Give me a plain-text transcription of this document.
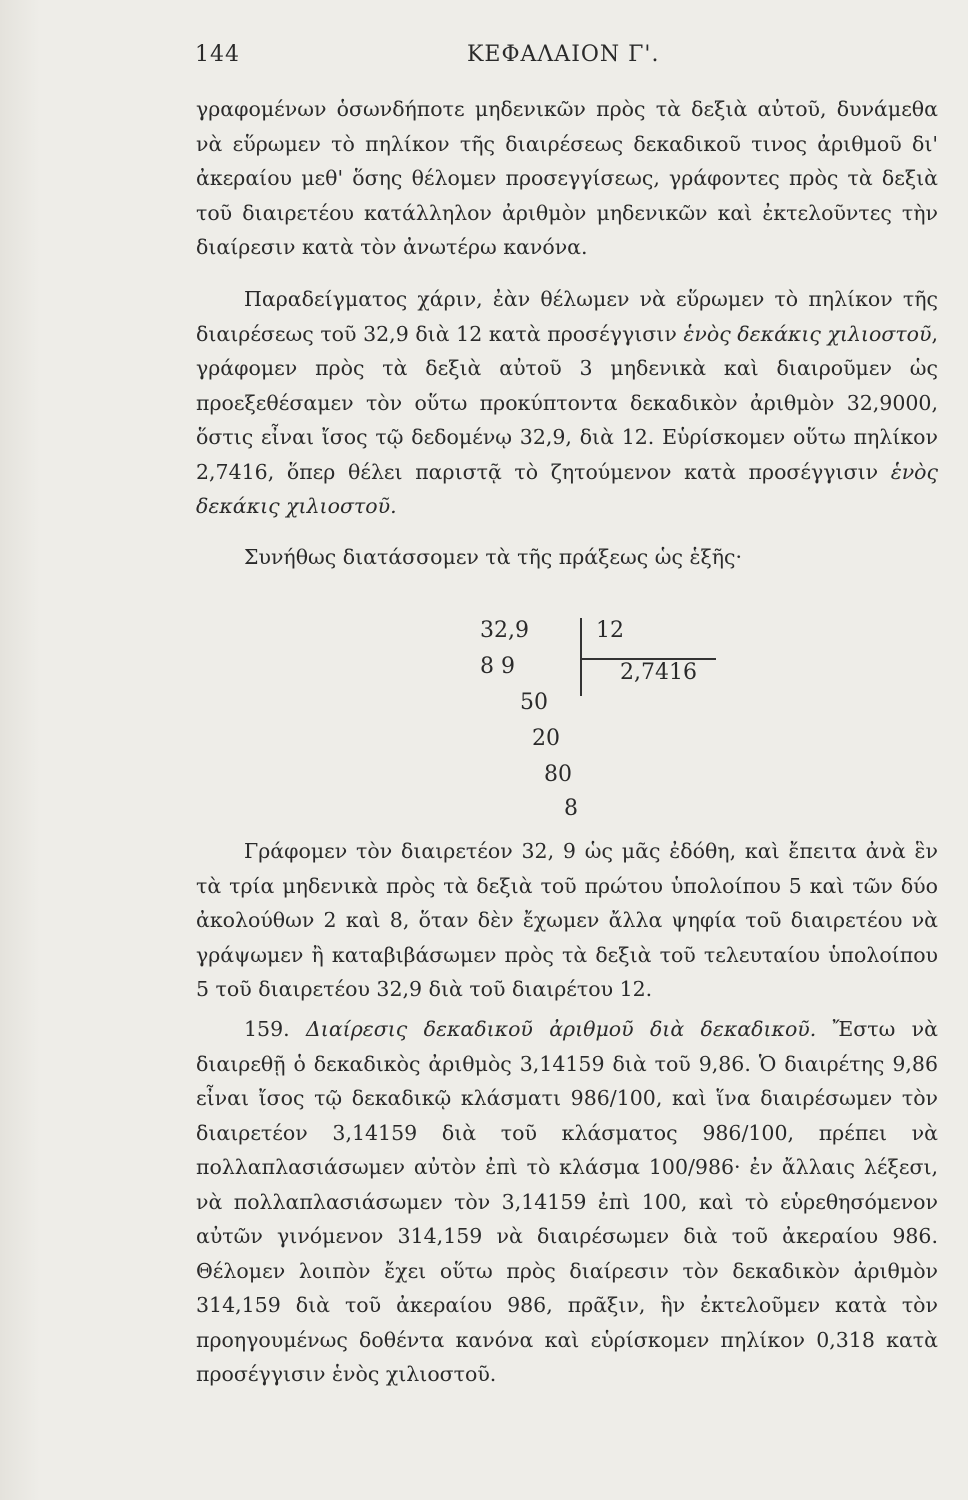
144	ΚΕΦΑΛΑΙΟΝ Γ'.

γραφομένων ὁσωνδήποτε μηδενικῶν πρὸς τὰ δεξιὰ αὐτοῦ, δυνάμεθα νὰ εὕρωμεν τὸ πηλίκον τῆς διαιρέσεως δεκαδικοῦ τινος ἀριθμοῦ δι' ἀκεραίου μεθ' ὅσης θέλομεν προσεγγίσεως, γράφοντες πρὸς τὰ δεξιὰ τοῦ διαιρετέου κατάλληλον ἀριθμὸν μηδενικῶν καὶ ἐκτελοῦντες τὴν διαίρεσιν κατὰ τὸν ἀνωτέρω κανόνα.

Παραδείγματος χάριν, ἐὰν θέλωμεν νὰ εὕρωμεν τὸ πηλίκον τῆς διαιρέσεως τοῦ 32,9 διὰ 12 κατὰ προσέγγισιν ἑνὸς δεκάκις χιλιοστοῦ, γράφομεν πρὸς τὰ δεξιὰ αὐτοῦ 3 μηδενικὰ καὶ διαιροῦμεν ὡς προεξεθέσαμεν τὸν οὕτω προκύπτοντα δεκαδικὸν ἀριθμὸν 32,9000, ὅστις εἶναι ἴσος τῷ δεδομένῳ 32,9, διὰ 12. Εὑρίσκομεν οὕτω πηλίκον 2,7416, ὅπερ θέλει παριστᾷ τὸ ζητούμενον κατὰ προσέγγισιν ἑνὸς δεκάκις χιλιοστοῦ.

Συνήθως διατάσσομεν τὰ τῆς πράξεως ὡς ἑξῆς·

32,9	12
2,7416
8 9
50
20
80
8

Γράφομεν τὸν διαιρετέον 32, 9 ὡς μᾶς ἐδόθη, καὶ ἔπειτα ἀνὰ ἓν τὰ τρία μηδενικὰ πρὸς τὰ δεξιὰ τοῦ πρώτου ὑπολοίπου 5 καὶ τῶν δύο ἀκολούθων 2 καὶ 8, ὅταν δὲν ἔχωμεν ἄλλα ψηφία τοῦ διαιρετέου νὰ γράψωμεν ἢ καταβιβάσωμεν πρὸς τὰ δεξιὰ τοῦ τελευταίου ὑπολοίπου 5 τοῦ διαιρετέου 32,9 διὰ τοῦ διαιρέτου 12.

159. Διαίρεσις δεκαδικοῦ ἀριθμοῦ διὰ δεκαδικοῦ. Ἔστω νὰ διαιρεθῇ ὁ δεκαδικὸς ἀριθμὸς 3,14159 διὰ τοῦ 9,86. Ὁ διαιρέτης 9,86 εἶναι ἴσος τῷ δεκαδικῷ κλάσματι 986/100, καὶ ἵνα διαιρέσωμεν τὸν διαιρετέον 3,14159 διὰ τοῦ κλάσματος 986/100, πρέπει νὰ πολλαπλασιάσωμεν αὐτὸν ἐπὶ τὸ κλάσμα 100/986· ἐν ἄλλαις λέξεσι, νὰ πολλαπλασιάσωμεν τὸν 3,14159 ἐπὶ 100, καὶ τὸ εὑρεθησόμενον αὐτῶν γινόμενον 314,159 νὰ διαιρέσωμεν διὰ τοῦ ἀκεραίου 986. Θέλομεν λοιπὸν ἔχει οὕτω πρὸς διαίρεσιν τὸν δεκαδικὸν ἀριθμὸν 314,159 διὰ τοῦ ἀκεραίου 986, πρᾶξιν, ἣν ἐκτελοῦμεν κατὰ τὸν προηγουμένως δοθέντα κανόνα καὶ εὑρίσκομεν πηλίκον 0,318 κατὰ προσέγγισιν ἑνὸς χιλιοστοῦ.
